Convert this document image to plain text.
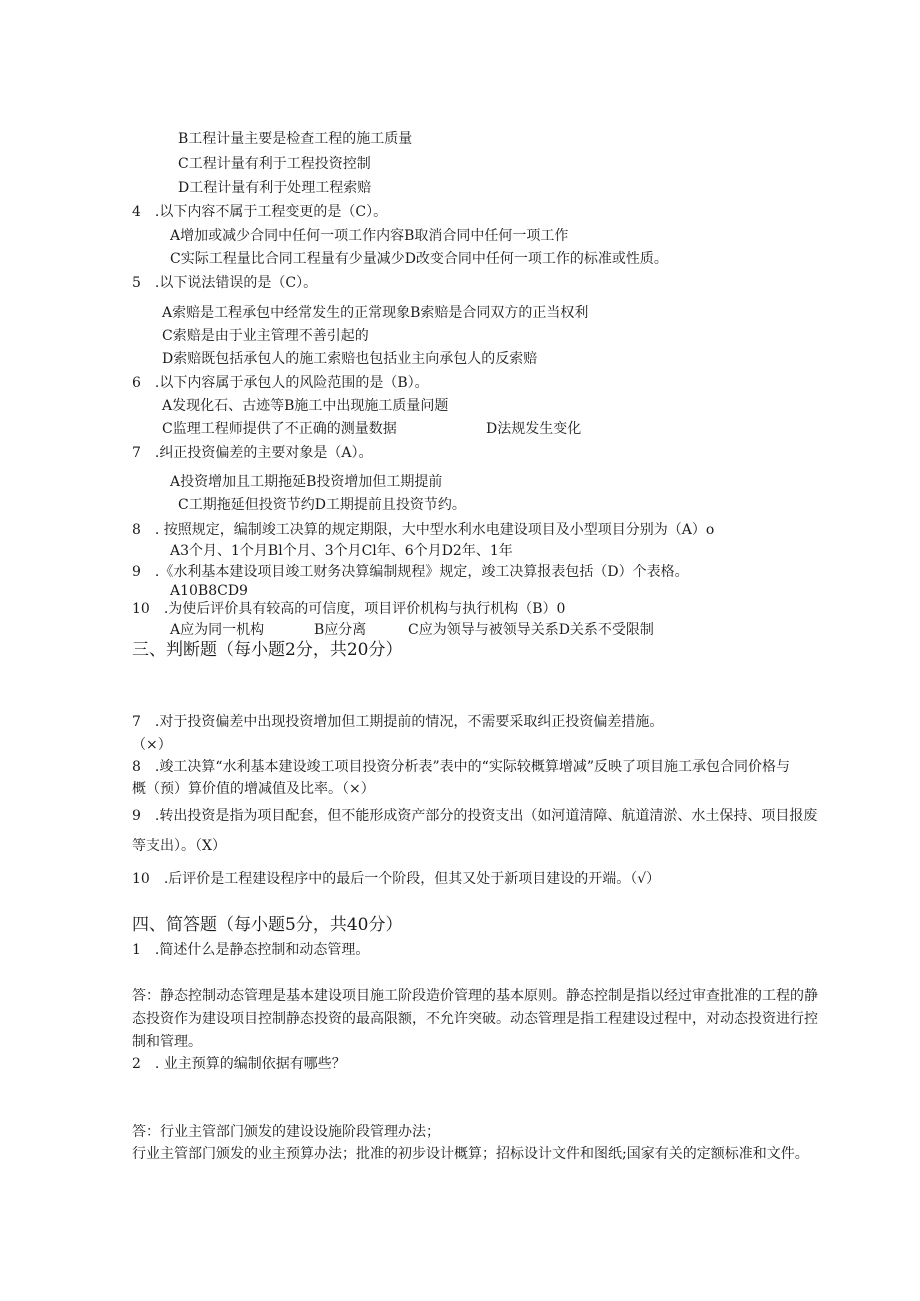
B工程计量主要是检查工程的施工质量
C工程计量有利于工程投资控制
D工程计量有利于处理工程索赔
4　.以下内容不属于工程变更的是（C）。
A增加或减少合同中任何一项工作内容B取消合同中任何一项工作
C实际工程量比合同工程量有少量减少D改变合同中任何一项工作的标准或性质。
5　.以下说法错误的是（C）。
A索赔是工程承包中经常发生的正常现象B索赔是合同双方的正当权利
C索赔是由于业主管理不善引起的
D索赔既包括承包人的施工索赔也包括业主向承包人的反索赔
6　.以下内容属于承包人的风险范围的是（B）。
A发现化石、古迹等B施工中出现施工质量问题
C监理工程师提供了不正确的测量数据	D法规发生变化
7　.纠正投资偏差的主要对象是（A）。
A投资增加且工期拖延B投资增加但工期提前
C工期拖延但投资节约D工期提前且投资节约。
8　. 按照规定，编制竣工决算的规定期限，大中型水利水电建设项目及小型项目分别为（A）o
A3个月、1个月Bl个月、3个月Cl年、6个月D2年、1年
9　.《水利基本建设项目竣工财务决算编制规程》规定，竣工决算报表包括（D）个表格。
A10B8CD9
10　.为使后评价具有较高的可信度，项目评价机构与执行机构（B）0
A应为同一机构	B应分离	C应为领导与被领导关系D关系不受限制
三、判断题（每小题2分，共20分）
7　.对于投资偏差中出现投资增加但工期提前的情况，不需要采取纠正投资偏差措施。
（×）
8　.竣工决算“水利基本建设竣工项目投资分析表”表中的“实际较概算增减”反映了项目施工承包合同价格与
概（预）算价值的增减值及比率。（×）
9　.转出投资是指为项目配套，但不能形成资产部分的投资支出（如河道清障、航道清淤、水土保持、项目报废
等支出）。（X）
10　.后评价是工程建设程序中的最后一个阶段，但其又处于新项目建设的开端。（√）
四、简答题（每小题5分，共40分）
1　.简述什么是静态控制和动态管理。
答：静态控制动态管理是基本建设项目施工阶段造价管理的基本原则。静态控制是指以经过审查批准的工程的静
态投资作为建设项目控制静态投资的最高限额，不允许突破。动态管理是指工程建设过程中，对动态投资进行控
制和管理。
2　. 业主预算的编制依据有哪些？
答：行业主管部门颁发的建设设施阶段管理办法；
行业主管部门颁发的业主预算办法；批准的初步设计概算；招标设计文件和图纸;国家有关的定额标准和文件。
